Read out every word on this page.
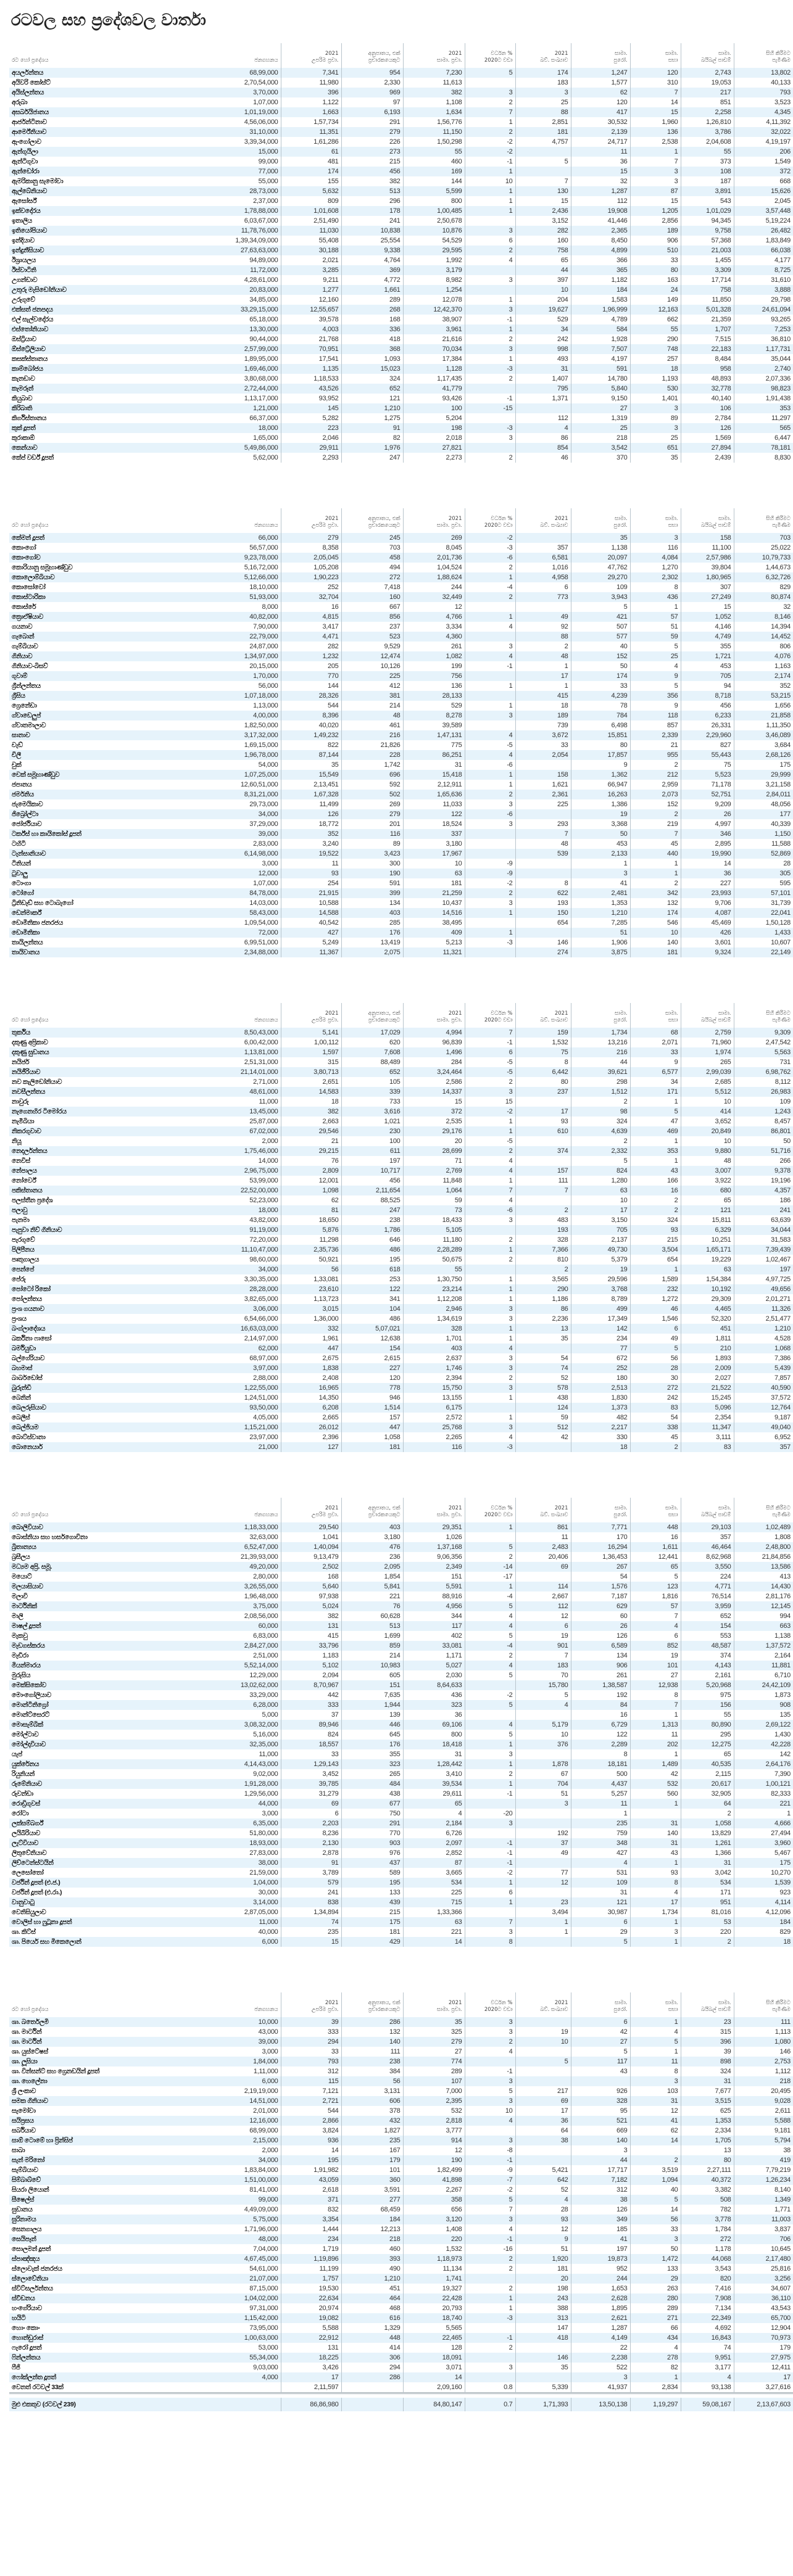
රටවල සහ ප්‍රදේශවල වාර්තා
රට හෝ ප්‍රදේශය	ජනගහනය	2021
උපරිම ප්‍රචා.	අනුපාතය, එක්
ප්‍රචාරකයෙකුට	2021
සාමා. ප්‍රචා.	වර්ධන %
2020ට වඩා	2021
බව්. සංඛ්‍යාව	සාමා.
පුරෝ.	සාමා.
සභා	සාමා.
බයිබල් පාඩම්	සිහි කිරීමට
පැමිණීම
අයර්ලන්තය	68,99,000	7,341	954	7,230	5	174	1,247	120	2,743	13,802
අයිවරි කෝස්ට්	2,70,54,000	11,980	2,330	11,613		183	1,577	310	19,053	40,133
අයිස්ලන්තය	3,70,000	396	969	382	3	3	62	7	217	793
අරුබා	1,07,000	1,122	97	1,108	2	25	120	14	851	3,523
අසර්බයිජානය	1,01,19,000	1,663	6,193	1,634	7	88	417	15	2,258	4,345
ආර්ජන්ටිනාව	4,56,06,000	1,57,734	291	1,56,776	1	2,851	30,532	1,960	1,26,810	4,11,392
ආර්මේනියාව	31,10,000	11,351	279	11,150	2	181	2,139	136	3,786	32,022
ඇංගෝලාව	3,39,34,000	1,61,286	226	1,50,298	-2	4,757	24,717	2,538	2,04,608	4,19,197
ඇන්ගුයිලා	15,000	61	273	55	-2		11	1	55	206
ඇන්ටිගුවා	99,000	481	215	460	-1	5	36	7	373	1,549
ඇන්ඩෝරා	77,000	174	456	169	1		15	3	108	372
ඇමරිකානු සැමෝවා	55,000	155	382	144	10	7	32	3	187	668
ඇල්බේනියාව	28,73,000	5,632	513	5,599	1	130	1,287	87	3,891	15,626
ඇසෝර්ස්	2,37,000	809	296	800	1	15	112	15	543	2,045
ඉක්වදෝරය	1,78,88,000	1,01,608	178	1,00,485	1	2,436	19,908	1,205	1,01,029	3,57,448
ඉතාලිය	6,03,67,000	2,51,490	241	2,50,678		3,152	41,446	2,856	94,345	5,19,224
ඉතියෝපියාව	11,78,76,000	11,030	10,838	10,876	3	282	2,365	189	9,758	26,482
ඉන්දියාව	1,39,34,09,000	55,408	25,554	54,529	6	160	8,450	906	57,368	1,83,849
ඉන්දුනීසියාව	27,63,63,000	30,188	9,338	29,595	2	758	4,899	510	21,003	66,038
ඊශ්‍රායලය	94,89,000	2,021	4,764	1,992	4	65	366	33	1,455	4,177
ඊස්වාටිනි	11,72,000	3,285	369	3,179		44	365	80	3,309	8,725
උගන්ඩාව	4,28,61,000	9,211	4,772	8,982	3	397	1,182	163	17,714	31,610
උතුරු මැසිඩෝනියාව	20,83,000	1,277	1,661	1,254		10	184	24	758	3,888
උරුගුවේ	34,85,000	12,160	289	12,078	1	204	1,583	149	11,850	29,798
එක්සත් ජනපදය	33,29,15,000	12,55,657	268	12,42,370	3	19,627	1,96,999	12,163	5,01,328	24,61,094
එල් සැල්වදෝරය	65,18,000	39,578	168	38,907	-1	529	4,789	662	21,359	93,265
එස්තෝනියාව	13,30,000	4,003	336	3,961	1	34	584	55	1,707	7,253
ඔස්ට්‍රියාව	90,44,000	21,768	418	21,616	2	242	1,928	290	7,515	36,810
ඕස්ට්‍රේලියාව	2,57,99,000	70,951	368	70,034	3	998	7,507	748	22,183	1,17,731
කසක්ස්තානය	1,89,95,000	17,541	1,093	17,384	1	493	4,197	257	8,484	35,044
කාම්බෝජය	1,69,46,000	1,135	15,023	1,128	-3	31	591	18	958	2,740
කැනඩාව	3,80,68,000	1,18,533	324	1,17,435	2	1,407	14,780	1,193	48,893	2,07,336
කැමරූන්	2,72,44,000	43,526	652	41,779		795	5,840	530	32,778	98,823
කියුබාව	1,13,17,000	93,952	121	93,426	-1	1,371	9,150	1,401	40,140	1,91,438
කිරිබාති	1,21,000	145	1,210	100	-15		27	3	106	353
කිර්ගිස්තානය	66,37,000	5,282	1,275	5,204		112	1,319	89	2,784	11,297
කුක් දූපත්	18,000	223	91	198	-3	4	25	3	126	565
කුරාකාඕ	1,65,000	2,046	82	2,018	3	86	218	25	1,569	6,447
කෙන්යාව	5,49,86,000	29,911	1,976	27,821		854	3,542	651	27,894	78,181
කේප් වර්ඩ් දූපත්	5,62,000	2,293	247	2,273	2	46	370	35	2,439	8,830
රට හෝ ප්‍රදේශය	ජනගහනය	2021
උපරිම ප්‍රචා.	අනුපාතය, එක්
ප්‍රචාරකයෙකුට	2021
සාමා. ප්‍රචා.	වර්ධන %
2020ට වඩා	2021
බව්. සංඛ්‍යාව	සාමා.
පුරෝ.	සාමා.
සභා	සාමා.
බයිබල් පාඩම්	සිහි කිරීමට
පැමිණීම
කේමන් දූපත්	66,000	279	245	269	-2		35	3	158	703
කොංගෝ	56,57,000	8,358	703	8,045	-3	357	1,138	116	11,100	25,022
කොංගෝව	9,23,78,000	2,05,045	458	2,01,736	-6	6,581	20,097	4,084	2,57,986	10,79,733
කොරියානු සමූහාණ්ඩුව	5,16,72,000	1,05,208	494	1,04,524	2	1,016	47,762	1,270	39,804	1,44,673
කොලොම්බියාව	5,12,66,000	1,90,223	272	1,88,624	1	4,958	29,270	2,302	1,80,965	6,32,726
කොසෝවෝ	18,10,000	252	7,418	244	-4	6	109	8	307	829
කොස්ටාරිකා	51,93,000	32,704	160	32,449	2	773	3,943	436	27,249	80,874
කොස්රේ	8,000	16	667	12			5	1	15	32
ක්‍රොඒෂියාව	40,82,000	4,815	856	4,766	1	49	421	57	1,052	8,146
ගයනාව	7,90,000	3,417	237	3,334	4	92	507	51	4,146	14,394
ගැබොන්	22,79,000	4,471	523	4,360		88	577	59	4,749	14,452
ගැම්බියාව	24,87,000	282	9,529	261	3	2	40	5	355	806
ගිනියාව	1,34,97,000	1,232	12,474	1,082	4	48	152	25	1,721	4,076
ගිනියාව-බිසව්	20,15,000	205	10,126	199	-1	1	50	4	453	1,163
ගුවාම්	1,70,000	770	225	756		17	174	9	705	2,174
ග්‍රීන්ලන්තය	56,000	144	412	136	1	1	33	5	94	352
ග්‍රීසිය	1,07,18,000	28,326	381	28,133		415	4,239	356	8,718	53,215
ග්‍රෙනේඩා	1,13,000	544	214	529	1	18	78	9	456	1,656
ග්වාඩෙලුප්	4,00,000	8,396	48	8,278	3	189	784	118	6,233	21,858
ග්වාතමාලාව	1,82,50,000	40,020	461	39,589		739	6,498	857	26,331	1,11,350
ඝානාව	3,17,32,000	1,49,232	216	1,47,131	4	3,672	15,851	2,339	2,29,960	3,46,089
චැඩ්	1,69,15,000	822	21,826	775	-5	33	80	21	827	3,684
චිලී	1,96,78,000	87,144	228	86,251	4	2,054	17,857	955	55,443	2,68,126
චුක්	54,000	35	1,742	31	-6		9	2	75	175
චෙක් සමූහාණ්ඩුව	1,07,25,000	15,549	696	15,418	1	158	1,362	212	5,523	29,999
ජපානය	12,60,51,000	2,13,451	592	2,12,911	1	1,621	66,947	2,959	71,178	3,21,158
ජර්මනිය	8,31,21,000	1,67,328	502	1,65,636	2	2,361	16,263	2,073	52,751	2,84,011
ජැමෙයිකාව	29,73,000	11,499	269	11,033	3	225	1,386	152	9,209	48,056
ජිබ්‍රෝල්ටා	34,000	126	279	122	-6		19	2	26	177
ජෝර්ජියාව	37,29,000	18,772	201	18,524	3	293	3,368	219	4,997	40,339
ටර්ක්ස් හා කායිකෝස් දූපත්	39,000	352	116	337		7	50	7	346	1,150
ටහිටි	2,83,000	3,240	89	3,180		48	453	45	2,895	11,588
ටැන්සානියාව	6,14,98,000	19,522	3,423	17,967		539	2,133	440	19,990	52,869
ටිනියන්	3,000	11	300	10	-9		1	1	14	28
ටුවාලු	12,000	93	190	63	-9		3	1	36	305
ටොංගා	1,07,000	254	591	181	-2	8	41	2	227	595
ටෝගෝ	84,78,000	21,915	399	21,259	2	622	2,481	342	23,993	57,101
ට්‍රිනිඩෑඩ් සහ ටොබැගෝ	14,03,000	10,588	134	10,437	3	193	1,353	132	9,706	31,739
ඩෙන්මාර්ක්	58,43,000	14,588	403	14,516	1	150	1,210	174	4,087	22,041
ඩොමිනිකා ජනරජය	1,09,54,000	40,542	285	38,495		654	7,285	546	45,469	1,50,128
ඩොමිනිකා	72,000	427	176	409	1		51	10	426	1,433
තායිලන්තය	6,99,51,000	5,249	13,419	5,213	-3	146	1,906	140	3,601	10,607
තායිවානය	2,34,88,000	11,367	2,075	11,321		274	3,875	181	9,324	22,149
රට හෝ ප්‍රදේශය	ජනගහනය	2021
උපරිම ප්‍රචා.	අනුපාතය, එක්
ප්‍රචාරකයෙකුට	2021
සාමා. ප්‍රචා.	වර්ධන %
2020ට වඩා	2021
බව්. සංඛ්‍යාව	සාමා.
පුරෝ.	සාමා.
සභා	සාමා.
බයිබල් පාඩම්	සිහි කිරීමට
පැමිණීම
තුර්කිය	8,50,43,000	5,141	17,029	4,994	7	159	1,734	68	2,759	9,309
දකුණු අප්‍රිකාව	6,00,42,000	1,00,112	620	96,839	-1	1,532	13,216	2,071	71,960	2,47,542
දකුණු සුඩානය	1,13,81,000	1,597	7,608	1,496	6	75	216	33	1,974	5,563
නයිජර්	2,51,31,000	315	88,489	284	-5	8	44	9	265	731
නයිජීරියාව	21,14,01,000	3,80,713	652	3,24,464	-5	6,442	39,621	6,577	2,99,039	6,98,762
නව කැලිඩෝනියාව	2,71,000	2,651	105	2,586	2	80	298	34	2,685	8,112
නවසීලන්තය	48,61,000	14,583	339	14,337	3	237	1,512	171	5,512	26,983
නාවුරු	11,000	18	733	15	15		2	1	10	109
නැගෙනහිර ටිමෝරය	13,45,000	382	3,616	372	-2	17	98	5	414	1,243
නැමීබියා	25,87,000	2,663	1,021	2,535	1	93	324	47	3,652	8,457
නිකරගුවාව	67,02,000	29,546	230	29,176	1	610	4,639	469	20,849	86,801
නියූ	2,000	21	100	20	-5		2	1	10	50
නෙදර්ලන්තය	1,75,46,000	29,215	611	28,699	2	374	2,332	353	9,880	51,716
නෙවිස්	14,000	76	197	71	4		5	1	48	266
නේපාලය	2,96,75,000	2,809	10,717	2,769	4	157	824	43	3,007	9,378
නෝර්වේ	53,99,000	12,001	456	11,848	1	111	1,280	166	3,922	19,196
පකිස්තානය	22,52,00,000	1,098	2,11,654	1,064	7	7	63	16	680	4,357
පලස්තීන ප්‍රදේශ	52,23,000	62	88,525	59	4		10	2	65	186
පලාවු	18,000	81	247	73	-6	2	17	2	121	241
පැනමා	43,82,000	18,650	238	18,433	3	483	3,150	324	15,811	63,639
පැපුවා නිව් ගිනියාව	91,19,000	5,876	1,786	5,105		193	705	93	6,329	34,044
පැරගුවේ	72,20,000	11,298	646	11,180	2	328	2,137	215	10,251	31,583
පිලිපීනය	11,10,47,000	2,35,736	486	2,28,289	1	7,366	49,730	3,504	1,65,171	7,39,439
පෘතුගාලය	98,60,000	50,921	195	50,675	2	810	5,379	654	19,229	1,02,467
පෙන්පේ	34,000	56	618	55		2	19	1	63	197
පේරු	3,30,35,000	1,33,081	253	1,30,750	1	3,565	29,596	1,589	1,54,384	4,97,725
පෝටෝ රිකෝ	28,28,000	23,610	122	23,214	1	290	3,768	232	10,192	49,656
පෝලන්තය	3,82,65,000	1,13,723	341	1,12,208	1	1,186	8,789	1,272	29,309	2,01,271
ප්‍රංශ ගයනාව	3,06,000	3,015	104	2,946	3	86	499	46	4,465	11,326
ප්‍රංශය	6,54,66,000	1,36,000	486	1,34,619	3	2,236	17,349	1,546	52,320	2,51,477
බංග්ලාදේශය	16,63,03,000	332	5,07,021	328	1	13	142	6	451	1,210
බර්කිනා ෆාසෝ	2,14,97,000	1,961	12,638	1,701	1	35	234	49	1,811	4,528
බර්මියුඩා	62,000	447	154	403	4		77	5	210	1,068
බල්ගේරියාව	68,97,000	2,675	2,615	2,637	3	54	672	56	1,893	7,386
බහමාස්	3,97,000	1,838	227	1,746	3	74	252	28	2,009	5,439
බාර්බඩෝස්	2,88,000	2,408	120	2,394	2	52	180	30	2,027	7,857
බුරුන්ඩි	1,22,55,000	16,965	778	15,750	3	578	2,513	272	21,522	40,590
බෙනින්	1,24,51,000	14,350	946	13,155	1	438	1,830	242	15,245	37,572
බෙලරුසියාව	93,50,000	6,208	1,514	6,175		124	1,373	83	5,096	12,764
බෙලීස්	4,05,000	2,665	157	2,572	1	59	482	54	2,354	9,187
බෙල්ජියම	1,15,21,000	26,012	447	25,768	3	512	2,217	338	11,347	49,040
බොට්ස්වානා	23,97,000	2,396	1,058	2,265	4	42	330	45	3,111	6,952
බොනෙයාර්	21,000	127	181	116	-3		18	2	83	357
රට හෝ ප්‍රදේශය	ජනගහනය	2021
උපරිම ප්‍රචා.	අනුපාතය, එක්
ප්‍රචාරකයෙකුට	2021
සාමා. ප්‍රචා.	වර්ධන %
2020ට වඩා	2021
බව්. සංඛ්‍යාව	සාමා.
පුරෝ.	සාමා.
සභා	සාමා.
බයිබල් පාඩම්	සිහි කිරීමට
පැමිණීම
බොලිවියාව	1,18,33,000	29,540	403	29,351	1	861	7,771	448	29,103	1,02,489
බොස්නියා සහ හර්සගොවිනා	32,63,000	1,041	3,180	1,026		11	170	16	357	1,808
බ්‍රිතාන්‍යය	6,52,47,000	1,40,094	476	1,37,168	5	2,483	16,294	1,611	46,464	2,48,800
බ්‍රසීලය	21,39,93,000	9,13,479	236	9,06,356	2	20,406	1,36,453	12,441	8,62,968	21,84,856
මධ්‍යම අප්‍රි. සමූ.	49,20,000	2,502	2,095	2,349	-14	69	267	65	3,550	13,586
මයොට්	2,80,000	168	1,854	151	-17		54	5	224	413
මලයාසියාව	3,26,55,000	5,640	5,841	5,591	1	114	1,576	123	4,771	14,430
මලාවි	1,96,48,000	97,938	221	88,916	-4	2,667	7,187	1,816	76,514	2,81,176
මාර්ටිනික්	3,75,000	5,024	76	4,956	5	112	629	57	3,959	12,145
මාලි	2,08,56,000	382	60,628	344	4	12	60	7	652	994
මාෂල් දූපත්	60,000	131	513	117	4	6	26	4	154	663
මැකවු	6,83,000	415	1,699	402	5	19	126	6	553	1,138
මැඩගස්කරය	2,84,27,000	33,796	859	33,081	-4	901	6,589	852	48,587	1,37,572
මැඩීරා	2,51,000	1,183	214	1,171	2	7	134	19	374	2,164
මියන්මාරය	5,52,14,000	5,102	10,983	5,027	4	183	906	101	4,143	11,881
මුරුසිය	12,29,000	2,094	605	2,030	5	70	261	27	2,161	6,710
මෙක්සිකෝව	13,02,62,000	8,70,967	151	8,64,633		15,780	1,38,587	12,938	5,20,968	24,42,109
මොංගෝලියාව	33,29,000	442	7,635	436	-2	5	192	8	975	1,873
මොන්ටිනිග්‍රෝ	6,28,000	333	1,944	323	5	4	84	7	156	908
මොන්ට්සෙරට්	5,000	37	139	36			16	1	55	135
මොසැම්බික්	3,08,32,000	89,946	446	69,106	4	5,179	6,729	1,313	80,890	2,69,122
මෝල්ටාව	5,16,000	824	645	800	5	10	122	11	295	1,430
මෝල්දාවියාව	32,35,000	18,557	176	18,418	1	376	2,289	202	12,275	42,228
යැප්	11,000	33	355	31	3		8	1	65	142
යුක්රේනය	4,14,43,000	1,29,143	323	1,28,442	1	1,878	18,181	1,489	40,535	2,64,176
රියුනියන්	9,02,000	3,452	265	3,410	2	67	500	42	2,115	7,390
රුමේනියාව	1,91,28,000	39,785	484	39,534	1	704	4,437	532	20,617	1,00,121
රුවන්ඩා	1,29,56,000	31,279	438	29,611	-1	51	5,257	560	32,905	82,333
රොඩ්‍රිගුවස්	44,000	69	677	65		3	11	1	64	221
රෝටා	3,000	6	750	4	-20		1		2	1
ලක්සම්බර්ග්	6,35,000	2,203	291	2,184	3		235	31	1,058	4,666
ලයිබීරියාව	51,80,000	8,236	770	6,726		192	759	140	13,829	27,494
ලැට්වියාව	18,93,000	2,130	903	2,097	-1	37	348	31	1,261	3,960
ලිතුවේනියාව	27,83,000	2,878	976	2,852	-1	49	427	43	1,366	5,467
ලිච්ටෙන්ස්ටයින්	38,000	91	437	87	-1		4	1	31	175
ලෙසෝතෝ	21,59,000	3,789	589	3,665	-2	77	531	93	3,042	10,270
වර්ජින් දූපත් (එ.ජ.)	1,04,000	579	195	534	1	12	109	8	534	1,539
වර්ජින් දූපත් (එ.රා.)	30,000	241	133	225	6		31	4	171	923
වානුවාටු	3,14,000	838	439	715	1	23	121	17	951	4,114
වෙනිසියුලාව	2,87,05,000	1,34,894	215	1,33,366		3,494	30,987	1,734	81,016	4,12,096
වොලිස් හා ෆුටූනා දූපත්	11,000	74	175	63	7	1	6	1	53	184
ශා. කිට්ස්	40,000	235	181	221	3	1	29	3	220	829
ශා. පියෙර් සහ මිකෙලොන්	6,000	15	429	14	8		5	1	2	18
රට හෝ ප්‍රදේශය	ජනගහනය	2021
උපරිම ප්‍රචා.	අනුපාතය, එක්
ප්‍රචාරකයෙකුට	2021
සාමා. ප්‍රචා.	වර්ධන %
2020ට වඩා	2021
බව්. සංඛ්‍යාව	සාමා.
පුරෝ.	සාමා.
සභා	සාමා.
බයිබල් පාඩම්	සිහි කිරීමට
පැමිණීම
ශා. බර්තෙලමි	10,000	39	286	35	3		6	1	23	111
ශා. මාර්ටින්	43,000	333	132	325	3	19	42	4	315	1,113
ශා. මාර්ටින්	39,000	294	140	279	2	10	27	5	396	1,080
ශා. යුස්ටේෂස්	3,000	33	111	27	4		5	1	39	146
ශා. ලූසියා	1,84,000	793	238	774		5	117	11	898	2,753
ශා. වින්සන්ට් සහ ග්‍රෙනඩයින් දූපත්	1,11,000	312	384	289	-1		43	8	324	1,112
ශා. හෙලේනා	6,000	115	56	107	3			3	31	218
ශ්‍රී ලංකාව	2,19,19,000	7,121	3,131	7,000	5	217	926	103	7,677	20,495
සමක ගිනියාව	14,51,000	2,721	606	2,395	3	69	328	31	3,515	9,028
සැමෝවා	2,01,000	544	378	532	10	17	95	12	625	2,611
සයිප්‍රසය	12,16,000	2,866	432	2,818	4	36	521	41	1,353	5,588
සර්බියාව	68,99,000	3,824	1,827	3,777		64	669	62	2,334	9,181
සාඕ ටොමේ හා ප්‍රින්සිප්	2,15,000	936	235	914	3	38	140	14	1,705	5,794
සාබා	2,000	14	167	12	-8		3		13	38
සැන් මරිනෝ	34,000	195	179	190	-1		44	2	80	419
සැම්බියාව	1,83,84,000	1,91,982	101	1,82,499	-9	5,421	17,717	3,519	2,27,111	7,79,219
සිම්බාබ්වේ	1,51,00,000	43,059	360	41,898	-7	642	7,182	1,094	40,372	1,26,234
සියරා ලියොන්	81,41,000	2,618	3,591	2,267	-2	52	312	40	3,382	8,140
සීෂෙල්ස්	99,000	371	277	358	5	4	38	5	508	1,349
සුඩානය	4,49,09,000	832	68,459	656	7	28	126	14	782	1,771
සුරිනාමය	5,75,000	3,354	184	3,120	3	93	349	56	3,778	11,003
සෙනගාලය	1,71,96,000	1,444	12,213	1,408	4	12	185	33	1,784	3,837
සෙයිපෑන්	48,000	234	218	220	-1	9	41	3	272	706
සොලමන් දූපත්	7,04,000	1,719	460	1,532	-16	51	197	50	1,178	10,645
ස්පාඤ්ඤය	4,67,45,000	1,19,896	393	1,18,973	2	1,920	19,873	1,472	44,068	2,17,480
ස්ලොවැක් ජනරජය	54,61,000	11,199	490	11,134	2	181	952	133	3,543	25,816
ස්ලොවේනියා	21,07,000	1,757	1,210	1,741		20	244	29	820	3,256
ස්විට්සර්ලන්තය	87,15,000	19,530	451	19,327	2	198	1,653	263	7,416	34,607
ස්වීඩනය	1,04,02,000	22,634	464	22,428	1	243	2,628	280	7,908	36,110
හංගේරියාව	97,31,000	20,974	468	20,793	1	388	1,895	289	7,134	43,543
හයිටි	1,15,42,000	19,082	616	18,740	-3	313	2,621	271	22,349	65,700
හොං කොං	73,95,000	5,588	1,329	5,565		147	1,287	66	4,692	12,904
හොන්ඩුරාස්	1,00,63,000	22,912	448	22,465	-1	418	4,149	434	16,843	70,973
ෆැරෝ දූපත්	53,000	131	414	128	2		22	4	74	179
ෆින්ලන්තය	55,34,000	18,225	306	18,091		146	2,238	278	9,951	27,975
ෆීජි	9,03,000	3,426	294	3,071	3	35	522	82	3,177	12,411
ෆෝක්ලන්ත දූපත්	4,000	17	286	14			3	1	4	17
වෙනත් රටවල් 33ක්		2,11,597		2,09,160	0.8	5,339	41,937	2,834	93,138	3,27,616

මුළු එකතුව (රටවල් 239)		86,86,980		84,80,147	0.7	1,71,393	13,50,138	1,19,297	59,08,167	2,13,67,603
